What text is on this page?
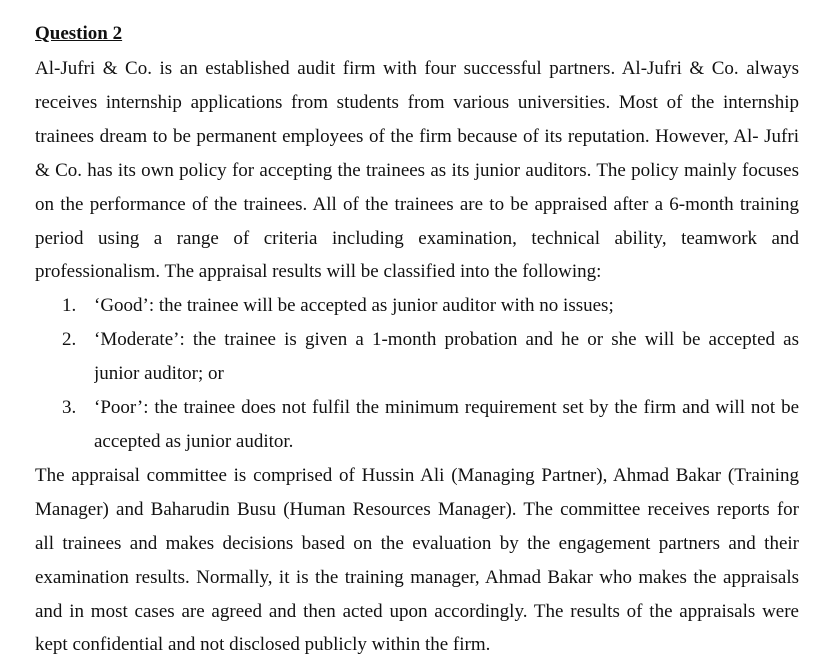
Question 2
Al-Jufri & Co. is an established audit firm with four successful partners. Al-Jufri & Co. always
receives internship applications from students from various universities. Most of the internship
trainees dream to be permanent employees of the firm because of its reputation. However, Al- Jufri
& Co. has its own policy for accepting the trainees as its junior auditors. The policy mainly focuses
on the performance of the trainees. All of the trainees are to be appraised after a 6-month training
period using a range of criteria including examination, technical ability, teamwork and
professionalism. The appraisal results will be classified into the following:
1. ‘Good’: the trainee will be accepted as junior auditor with no issues;
2. ‘Moderate’: the trainee is given a 1-month probation and he or she will be accepted as
junior auditor; or
3. ‘Poor’: the trainee does not fulfil the minimum requirement set by the firm and will not be
accepted as junior auditor.
The appraisal committee is comprised of Hussin Ali (Managing Partner), Ahmad Bakar (Training
Manager) and Baharudin Busu (Human Resources Manager). The committee receives reports for
all trainees and makes decisions based on the evaluation by the engagement partners and their
examination results. Normally, it is the training manager, Ahmad Bakar who makes the appraisals
and in most cases are agreed and then acted upon accordingly. The results of the appraisals were
kept confidential and not disclosed publicly within the firm.
